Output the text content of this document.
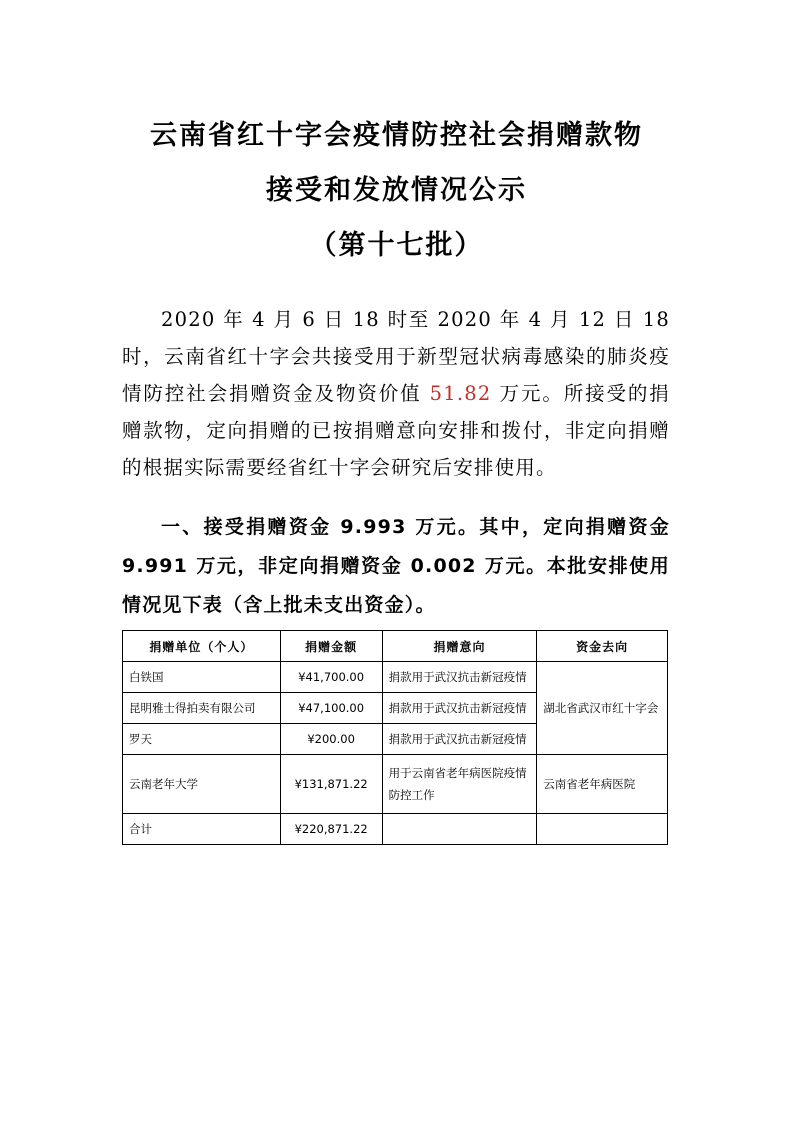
云南省红十字会疫情防控社会捐赠款物
接受和发放情况公示
（第十七批）
2020 年 4 月 6 日 18 时至 2020 年 4 月 12 日 18 时，云南省红十字会共接受用于新型冠状病毒感染的肺炎疫情防控社会捐赠资金及物资价值 51.82 万元。所接受的捐赠款物，定向捐赠的已按捐赠意向安排和拨付，非定向捐赠的根据实际需要经省红十字会研究后安排使用。
一、接受捐赠资金 9.993 万元。其中，定向捐赠资金 9.991 万元，非定向捐赠资金 0.002 万元。本批安排使用情况见下表（含上批未支出资金）。
捐赠单位（个人）	捐赠金额	捐赠意向	资金去向
白铁国	¥41,700.00	捐款用于武汉抗击新冠疫情	湖北省武汉市红十字会
昆明雅士得拍卖有限公司	¥47,100.00	捐款用于武汉抗击新冠疫情	
罗天	¥200.00	捐款用于武汉抗击新冠疫情	
云南老年大学	¥131,871.22	用于云南省老年病医院疫情防控工作	云南省老年病医院
合计	¥220,871.22		
